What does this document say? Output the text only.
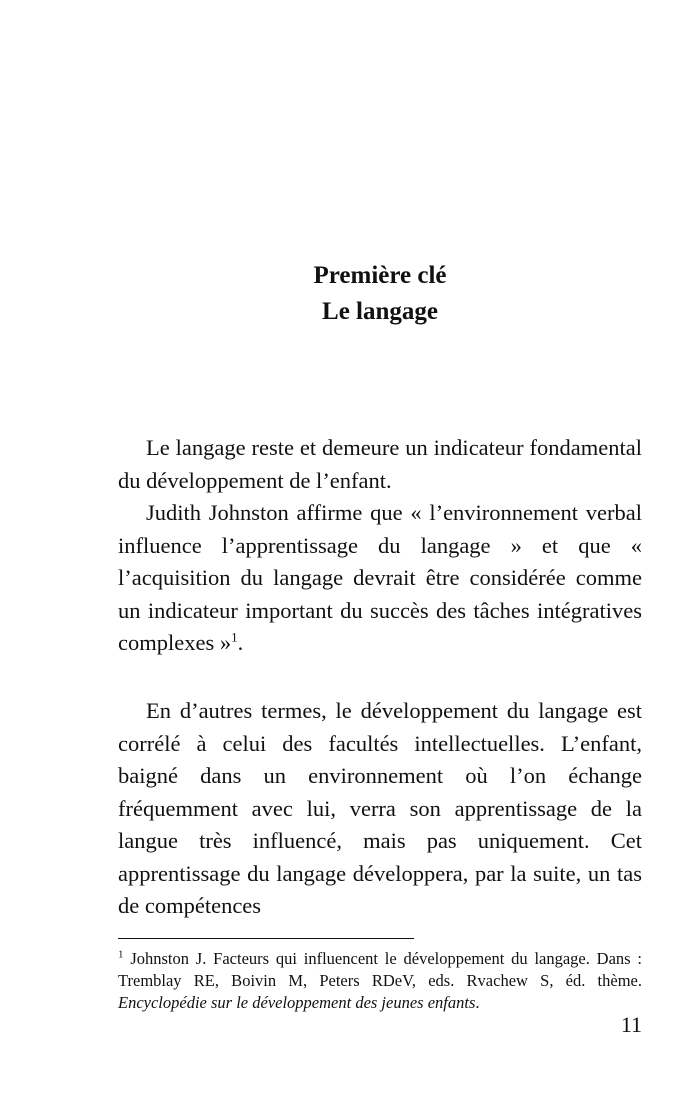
Première clé
Le langage

Le langage reste et demeure un indicateur fondamental du développement de l’enfant.

Judith Johnston affirme que « l’environnement verbal influence l’apprentissage du langage » et que « l’acquisition du langage devrait être considérée comme un indicateur important du succès des tâches intégratives complexes »$^1$.

En d’autres termes, le développement du langage est corrélé à celui des facultés intellectuelles. L’enfant, baigné dans un environnement où l’on échange fréquemment avec lui, verra son apprentissage de la langue très influencé, mais pas uniquement. Cet apprentissage du langage développera, par la suite, un tas de compétences

$^1$ Johnston J. Facteurs qui influencent le développement du langage. Dans : Tremblay RE, Boivin M, Peters RDeV, eds. Rvachew S, éd. thème. Encyclopédie sur le développement des jeunes enfants.

11
